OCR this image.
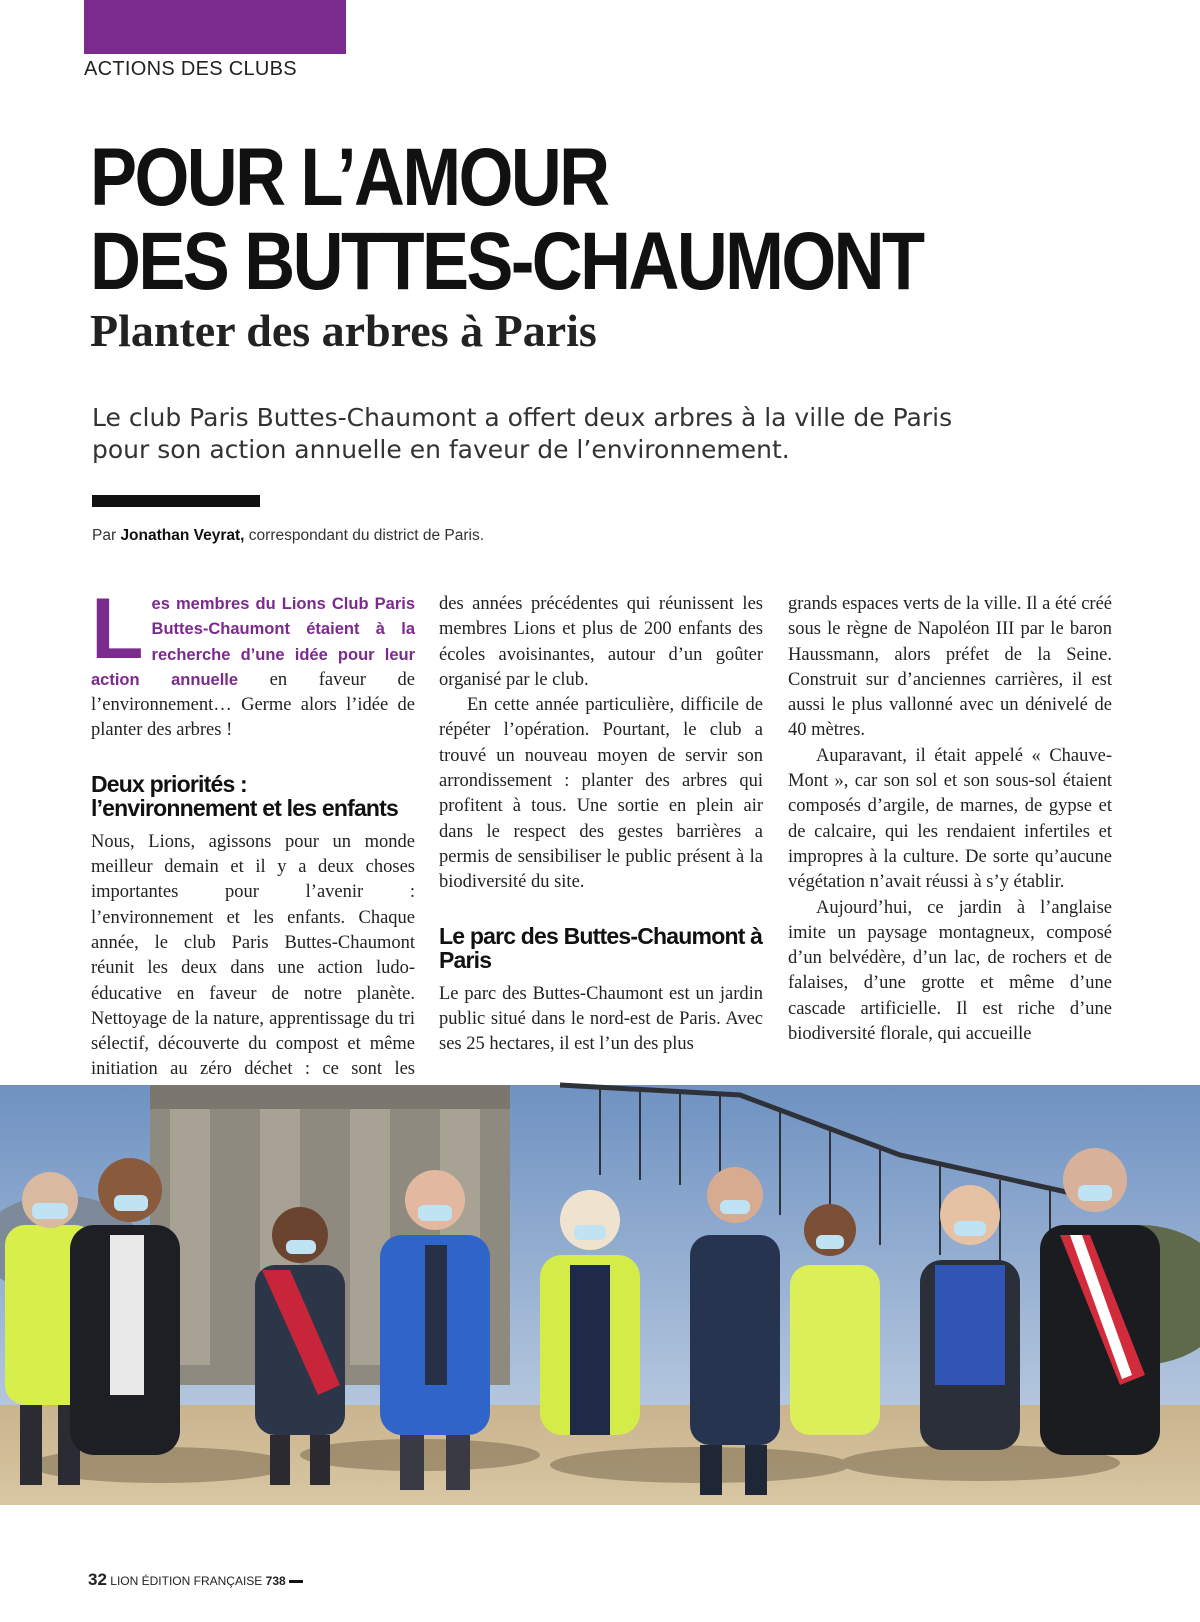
ACTIONS DES CLUBS
POUR L’AMOUR
DES BUTTES-CHAUMONT
Planter des arbres à Paris

Le club Paris Buttes-Chaumont a offert deux arbres à la ville de Paris pour son action annuelle en faveur de l’environnement.

Par Jonathan Veyrat, correspondant du district de Paris.

Les membres du Lions Club Paris Buttes-Chaumont étaient à la recherche d’une idée pour leur action annuelle en faveur de l’environnement… Germe alors l’idée de planter des arbres !

Deux priorités : l’environnement et les enfants

Nous, Lions, agissons pour un monde meilleur demain et il y a deux choses importantes pour l’avenir : l’environnement et les enfants. Chaque année, le club Paris Buttes-Chaumont réunit les deux dans une action ludo-éducative en faveur de notre planète. Nettoyage de la nature, apprentissage du tri sélectif, découverte du compost et même initiation au zéro déchet : ce sont les

des années précédentes qui réunissent les membres Lions et plus de 200 enfants des écoles avoisinantes, autour d’un goûter organisé par le club.

En cette année particulière, difficile de répéter l’opération. Pourtant, le club a trouvé un nouveau moyen de servir son arrondissement : planter des arbres qui profitent à tous. Une sortie en plein air dans le respect des gestes barrières a permis de sensibiliser le public présent à la biodiversité du site.

Le parc des Buttes-Chaumont à Paris

Le parc des Buttes-Chaumont est un jardin public situé dans le nord-est de Paris. Avec ses 25 hectares, il est l’un des plus

grands espaces verts de la ville. Il a été créé sous le règne de Napoléon III par le baron Haussmann, alors préfet de la Seine. Construit sur d’anciennes carrières, il est aussi le plus vallonné avec un dénivelé de 40 mètres.

Auparavant, il était appelé « Chauve-Mont », car son sol et son sous-sol étaient composés d’argile, de marnes, de gypse et de calcaire, qui les rendaient infertiles et impropres à la culture. De sorte qu’aucune végétation n’avait réussi à s’y établir.

Aujourd’hui, ce jardin à l’anglaise imite un paysage montagneux, composé d’un belvédère, d’un lac, de rochers et de falaises, d’une grotte et même d’une cascade artificielle. Il est riche d’une biodiversité florale, qui accueille

32 LION ÉDITION FRANÇAISE 738
